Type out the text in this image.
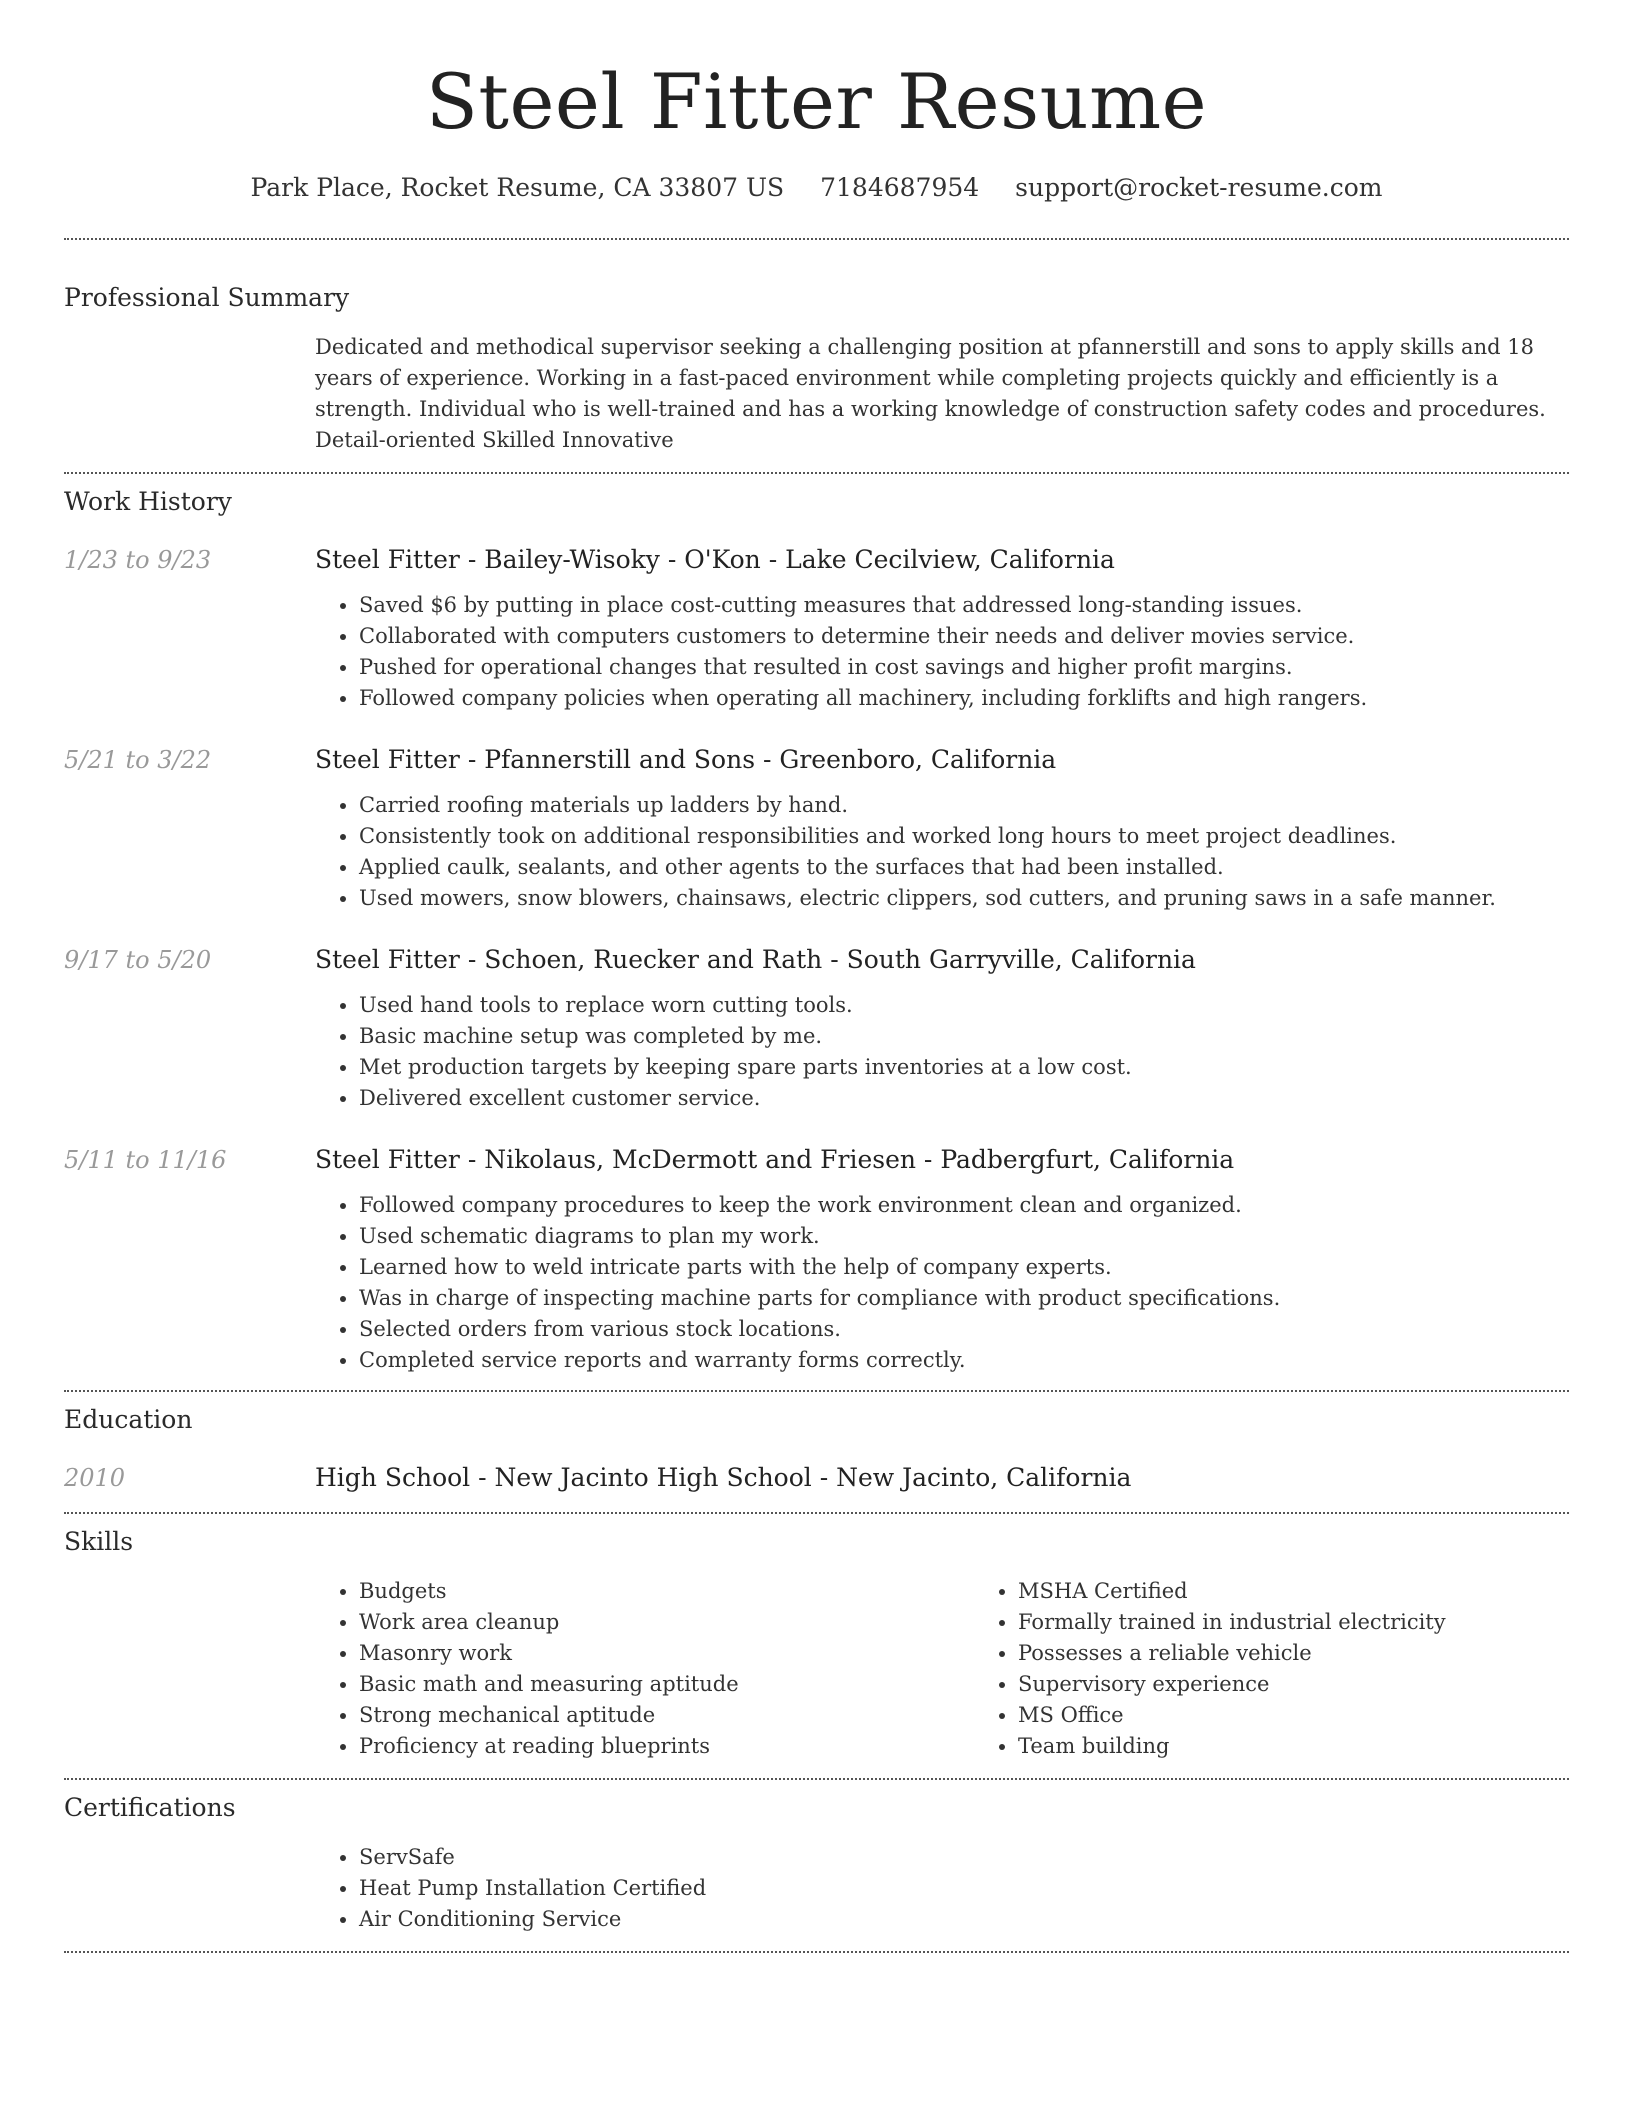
Steel Fitter Resume
Park Place, Rocket Resume, CA 33807 US 7184687954 support@rocket-resume.com
Professional Summary
Dedicated and methodical supervisor seeking a challenging position at pfannerstill and sons to apply skills and 18 years of experience. Working in a fast-paced environment while completing projects quickly and efficiently is a strength. Individual who is well-trained and has a working knowledge of construction safety codes and procedures. Detail-oriented Skilled Innovative
Work History
1/23 to 9/23	Steel Fitter - Bailey-Wisoky - O'Kon - Lake Cecilview, California
• Saved $6 by putting in place cost-cutting measures that addressed long-standing issues.
• Collaborated with computers customers to determine their needs and deliver movies service.
• Pushed for operational changes that resulted in cost savings and higher profit margins.
• Followed company policies when operating all machinery, including forklifts and high rangers.
5/21 to 3/22	Steel Fitter - Pfannerstill and Sons - Greenboro, California
• Carried roofing materials up ladders by hand.
• Consistently took on additional responsibilities and worked long hours to meet project deadlines.
• Applied caulk, sealants, and other agents to the surfaces that had been installed.
• Used mowers, snow blowers, chainsaws, electric clippers, sod cutters, and pruning saws in a safe manner.
9/17 to 5/20	Steel Fitter - Schoen, Ruecker and Rath - South Garryville, California
• Used hand tools to replace worn cutting tools.
• Basic machine setup was completed by me.
• Met production targets by keeping spare parts inventories at a low cost.
• Delivered excellent customer service.
5/11 to 11/16	Steel Fitter - Nikolaus, McDermott and Friesen - Padbergfurt, California
• Followed company procedures to keep the work environment clean and organized.
• Used schematic diagrams to plan my work.
• Learned how to weld intricate parts with the help of company experts.
• Was in charge of inspecting machine parts for compliance with product specifications.
• Selected orders from various stock locations.
• Completed service reports and warranty forms correctly.
Education
2010	High School - New Jacinto High School - New Jacinto, California
Skills
• Budgets
• Work area cleanup
• Masonry work
• Basic math and measuring aptitude
• Strong mechanical aptitude
• Proficiency at reading blueprints
• MSHA Certified
• Formally trained in industrial electricity
• Possesses a reliable vehicle
• Supervisory experience
• MS Office
• Team building
Certifications
• ServSafe
• Heat Pump Installation Certified
• Air Conditioning Service
